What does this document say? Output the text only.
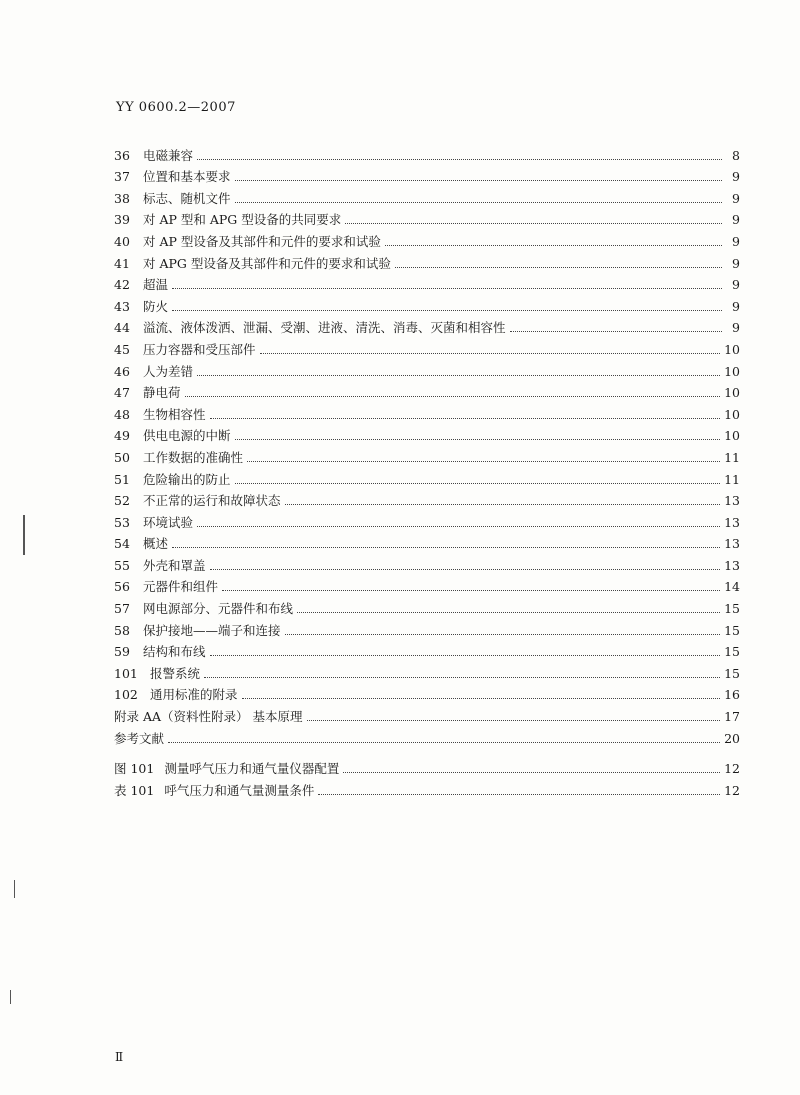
YY 0600.2—2007
36	电磁兼容	8
37	位置和基本要求	9
38	标志、随机文件	9
39	对 AP 型和 APG 型设备的共同要求	9
40	对 AP 型设备及其部件和元件的要求和试验	9
41	对 APG 型设备及其部件和元件的要求和试验	9
42	超温	9
43	防火	9
44	溢流、液体泼洒、泄漏、受潮、进液、清洗、消毒、灭菌和相容性	9
45	压力容器和受压部件	10
46	人为差错	10
47	静电荷	10
48	生物相容性	10
49	供电电源的中断	10
50	工作数据的准确性	11
51	危险输出的防止	11
52	不正常的运行和故障状态	13
53	环境试验	13
54	概述	13
55	外壳和罩盖	13
56	元器件和组件	14
57	网电源部分、元器件和布线	15
58	保护接地——端子和连接	15
59	结构和布线	15
101 报警系统	15
102 通用标准的附录	16
附录 AA（资料性附录） 基本原理	17
参考文献	20
图 101 测量呼气压力和通气量仪器配置	12
表 101 呼气压力和通气量测量条件	12
Ⅱ
